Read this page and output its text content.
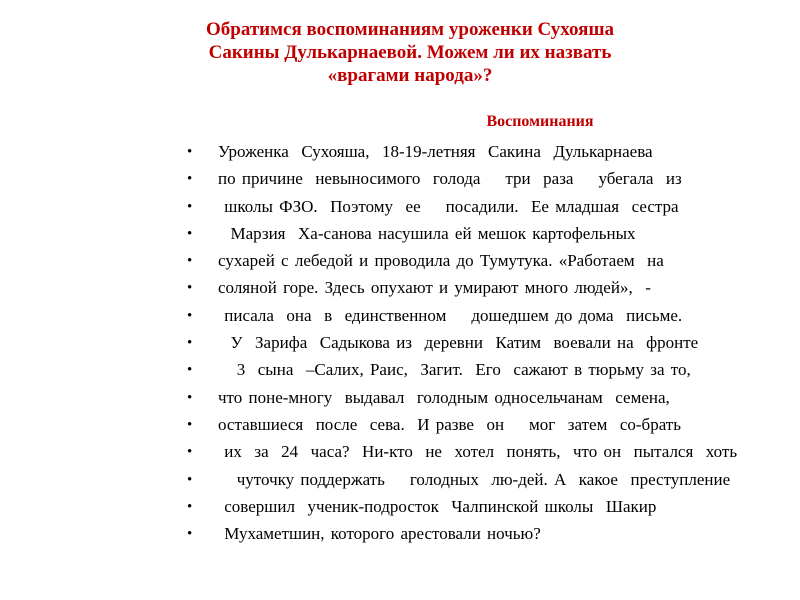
Обратимся воспоминаниям уроженки Сухояша
Сакины Дулькарнаевой. Можем ли их назвать
«врагами народа»?
Воспоминания
• Уроженка  Сухояша,  18-19-летняя  Сакина  Дулькарнаева
• по причине  невыносимого  голода    три  раза    убегала  из
• школы ФЗО.  Поэтому  ее    посадили.  Ее младшая  сестра
• Марзия  Ха-санова насушила ей мешок картофельных
• сухарей с лебедой и проводила до Тумутука. «Работаем  на
• соляной горе. Здесь опухают и умирают много людей»,  -
• писала  она  в  единственном    дошедшем до дома  письме.
• У  Зарифа  Садыкова из  деревни  Катим  воевали на  фронте
• 3  сына  –Салих, Раис,  Загит.  Его  сажают в тюрьму за то,
• что поне-многу  выдавал  голодным односельчанам  семена,
• оставшиеся  после  сева.  И разве  он    мог  затем  со-брать
• их  за  24  часа?  Ни-кто  не  хотел  понять,  что он  пытался  хоть
• чуточку поддержать    голодных  лю-дей. А  какое  преступление
• совершил  ученик-подросток  Чалпинской школы  Шакир
• Мухаметшин, которого арестовали ночью?
